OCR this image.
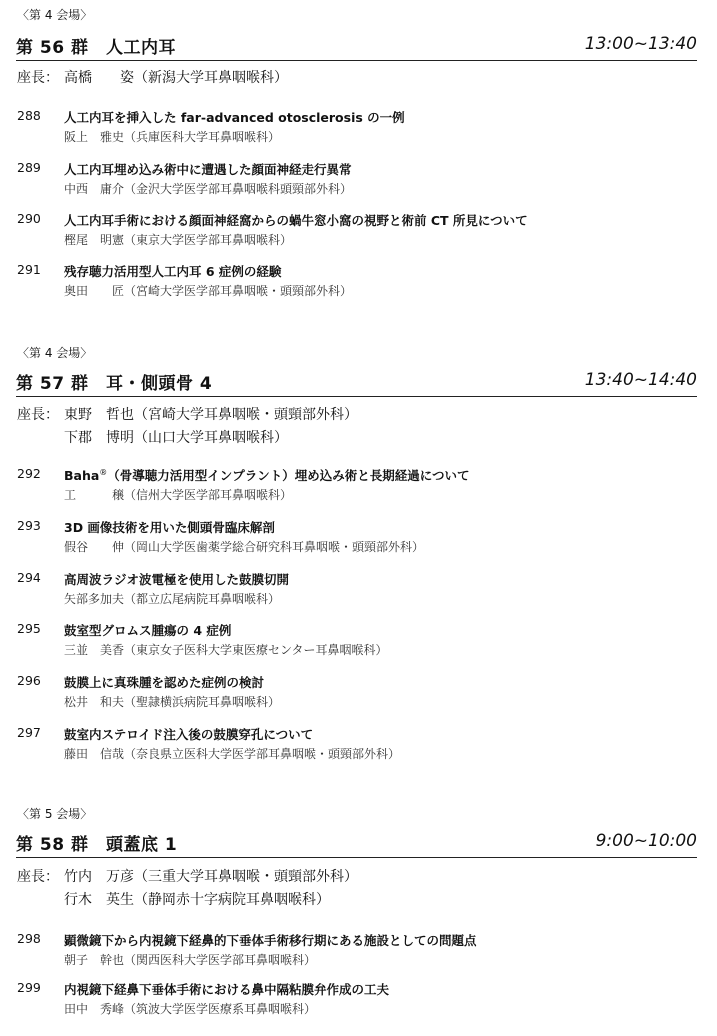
〈第 4 会場〉
第 56 群　人工内耳	13:00~13:40
座長： 高橋　　姿（新潟大学耳鼻咽喉科）
288 人工内耳を挿入した far-advanced otosclerosis の一例
阪上　雅史（兵庫医科大学耳鼻咽喉科）
289 人工内耳埋め込み術中に遭遇した顔面神経走行異常
中西　庸介（金沢大学医学部耳鼻咽喉科頭頸部外科）
290 人工内耳手術における顔面神経窩からの蝸牛窓小窩の視野と術前 CT 所見について
樫尾　明憲（東京大学医学部耳鼻咽喉科）
291 残存聴力活用型人工内耳 6 症例の経験
奥田　　匠（宮崎大学医学部耳鼻咽喉・頭頸部外科）
〈第 4 会場〉
第 57 群　耳・側頭骨 4	13:40~14:40
座長： 東野　哲也（宮崎大学耳鼻咽喉・頭頸部外科）
下郡　博明（山口大学耳鼻咽喉科）
292 Baha®（骨導聴力活用型インプラント）埋め込み術と長期経過について
工　　　穣（信州大学医学部耳鼻咽喉科）
293 3D 画像技術を用いた側頭骨臨床解剖
假谷　　伸（岡山大学医歯薬学総合研究科耳鼻咽喉・頭頸部外科）
294 高周波ラジオ波電極を使用した鼓膜切開
矢部多加夫（都立広尾病院耳鼻咽喉科）
295 鼓室型グロムス腫瘍の 4 症例
三並　美香（東京女子医科大学東医療センター耳鼻咽喉科）
296 鼓膜上に真珠腫を認めた症例の検討
松井　和夫（聖隷横浜病院耳鼻咽喉科）
297 鼓室内ステロイド注入後の鼓膜穿孔について
藤田　信哉（奈良県立医科大学医学部耳鼻咽喉・頭頸部外科）
〈第 5 会場〉
第 58 群　頭蓋底 1	9:00~10:00
座長： 竹内　万彦（三重大学耳鼻咽喉・頭頸部外科）
行木　英生（静岡赤十字病院耳鼻咽喉科）
298 顕微鏡下から内視鏡下経鼻的下垂体手術移行期にある施設としての問題点
朝子　幹也（関西医科大学医学部耳鼻咽喉科）
299 内視鏡下経鼻下垂体手術における鼻中隔粘膜弁作成の工夫
田中　秀峰（筑波大学医学医療系耳鼻咽喉科）
